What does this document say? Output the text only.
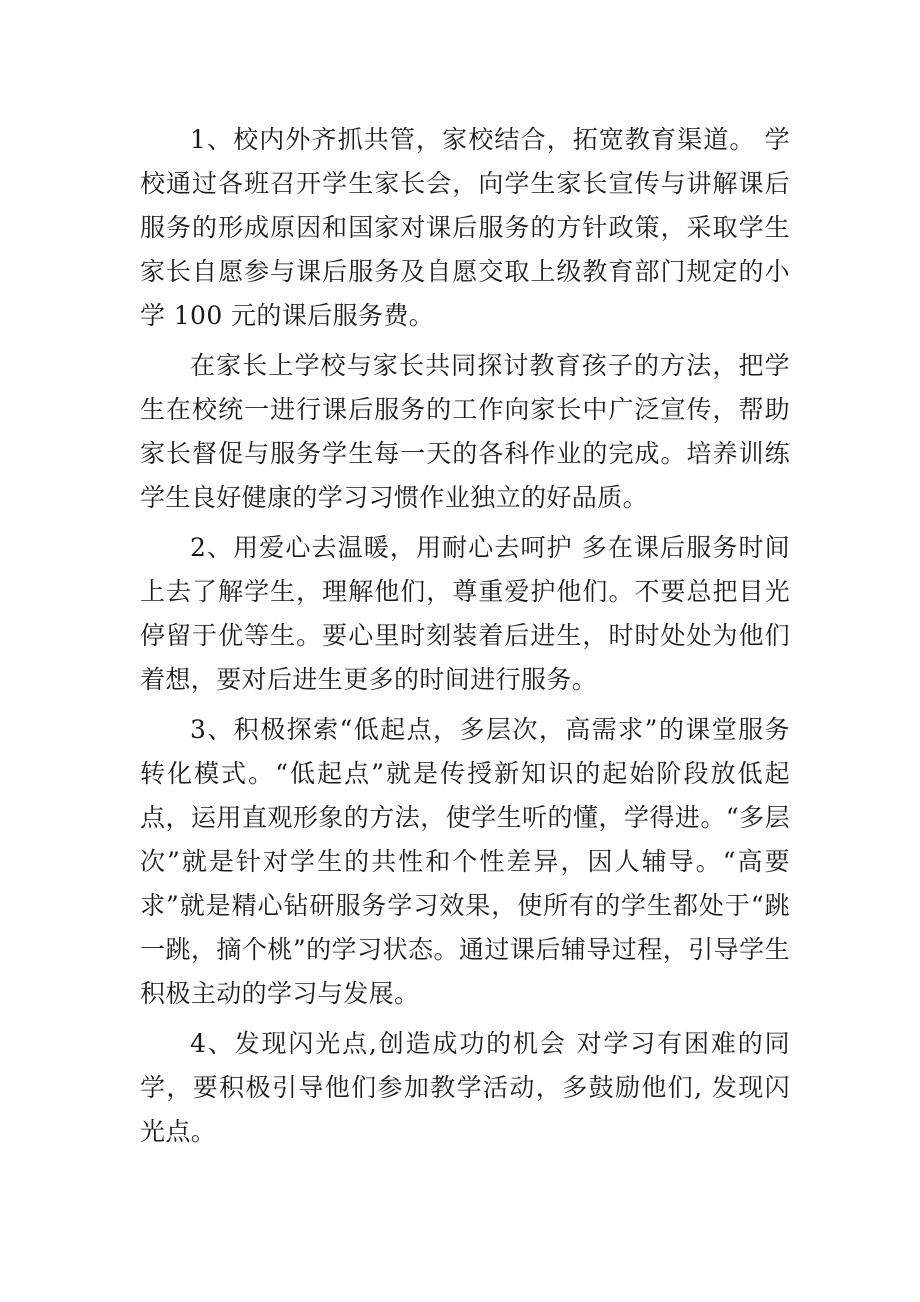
1、校内外齐抓共管，家校结合，拓宽教育渠道。 学校通过各班召开学生家长会，向学生家长宣传与讲解课后服务的形成原因和国家对课后服务的方针政策，采取学生家长自愿参与课后服务及自愿交取上级教育部门规定的小学 100 元的课后服务费。

在家长上学校与家长共同探讨教育孩子的方法，把学生在校统一进行课后服务的工作向家长中广泛宣传，帮助家长督促与服务学生每一天的各科作业的完成。培养训练学生良好健康的学习习惯作业独立的好品质。

2、用爱心去温暖，用耐心去呵护 多在课后服务时间上去了解学生，理解他们，尊重爱护他们。不要总把目光停留于优等生。要心里时刻装着后进生，时时处处为他们着想，要对后进生更多的时间进行服务。

3、积极探索“低起点，多层次，高需求”的课堂服务转化模式。“低起点”就是传授新知识的起始阶段放低起点，运用直观形象的方法，使学生听的懂，学得进。“多层次”就是针对学生的共性和个性差异，因人辅导。“高要求”就是精心钻研服务学习效果，使所有的学生都处于“跳一跳，摘个桃”的学习状态。通过课后辅导过程，引导学生积极主动的学习与发展。

4、发现闪光点,创造成功的机会 对学习有困难的同学，要积极引导他们参加教学活动，多鼓励他们, 发现闪光点。
